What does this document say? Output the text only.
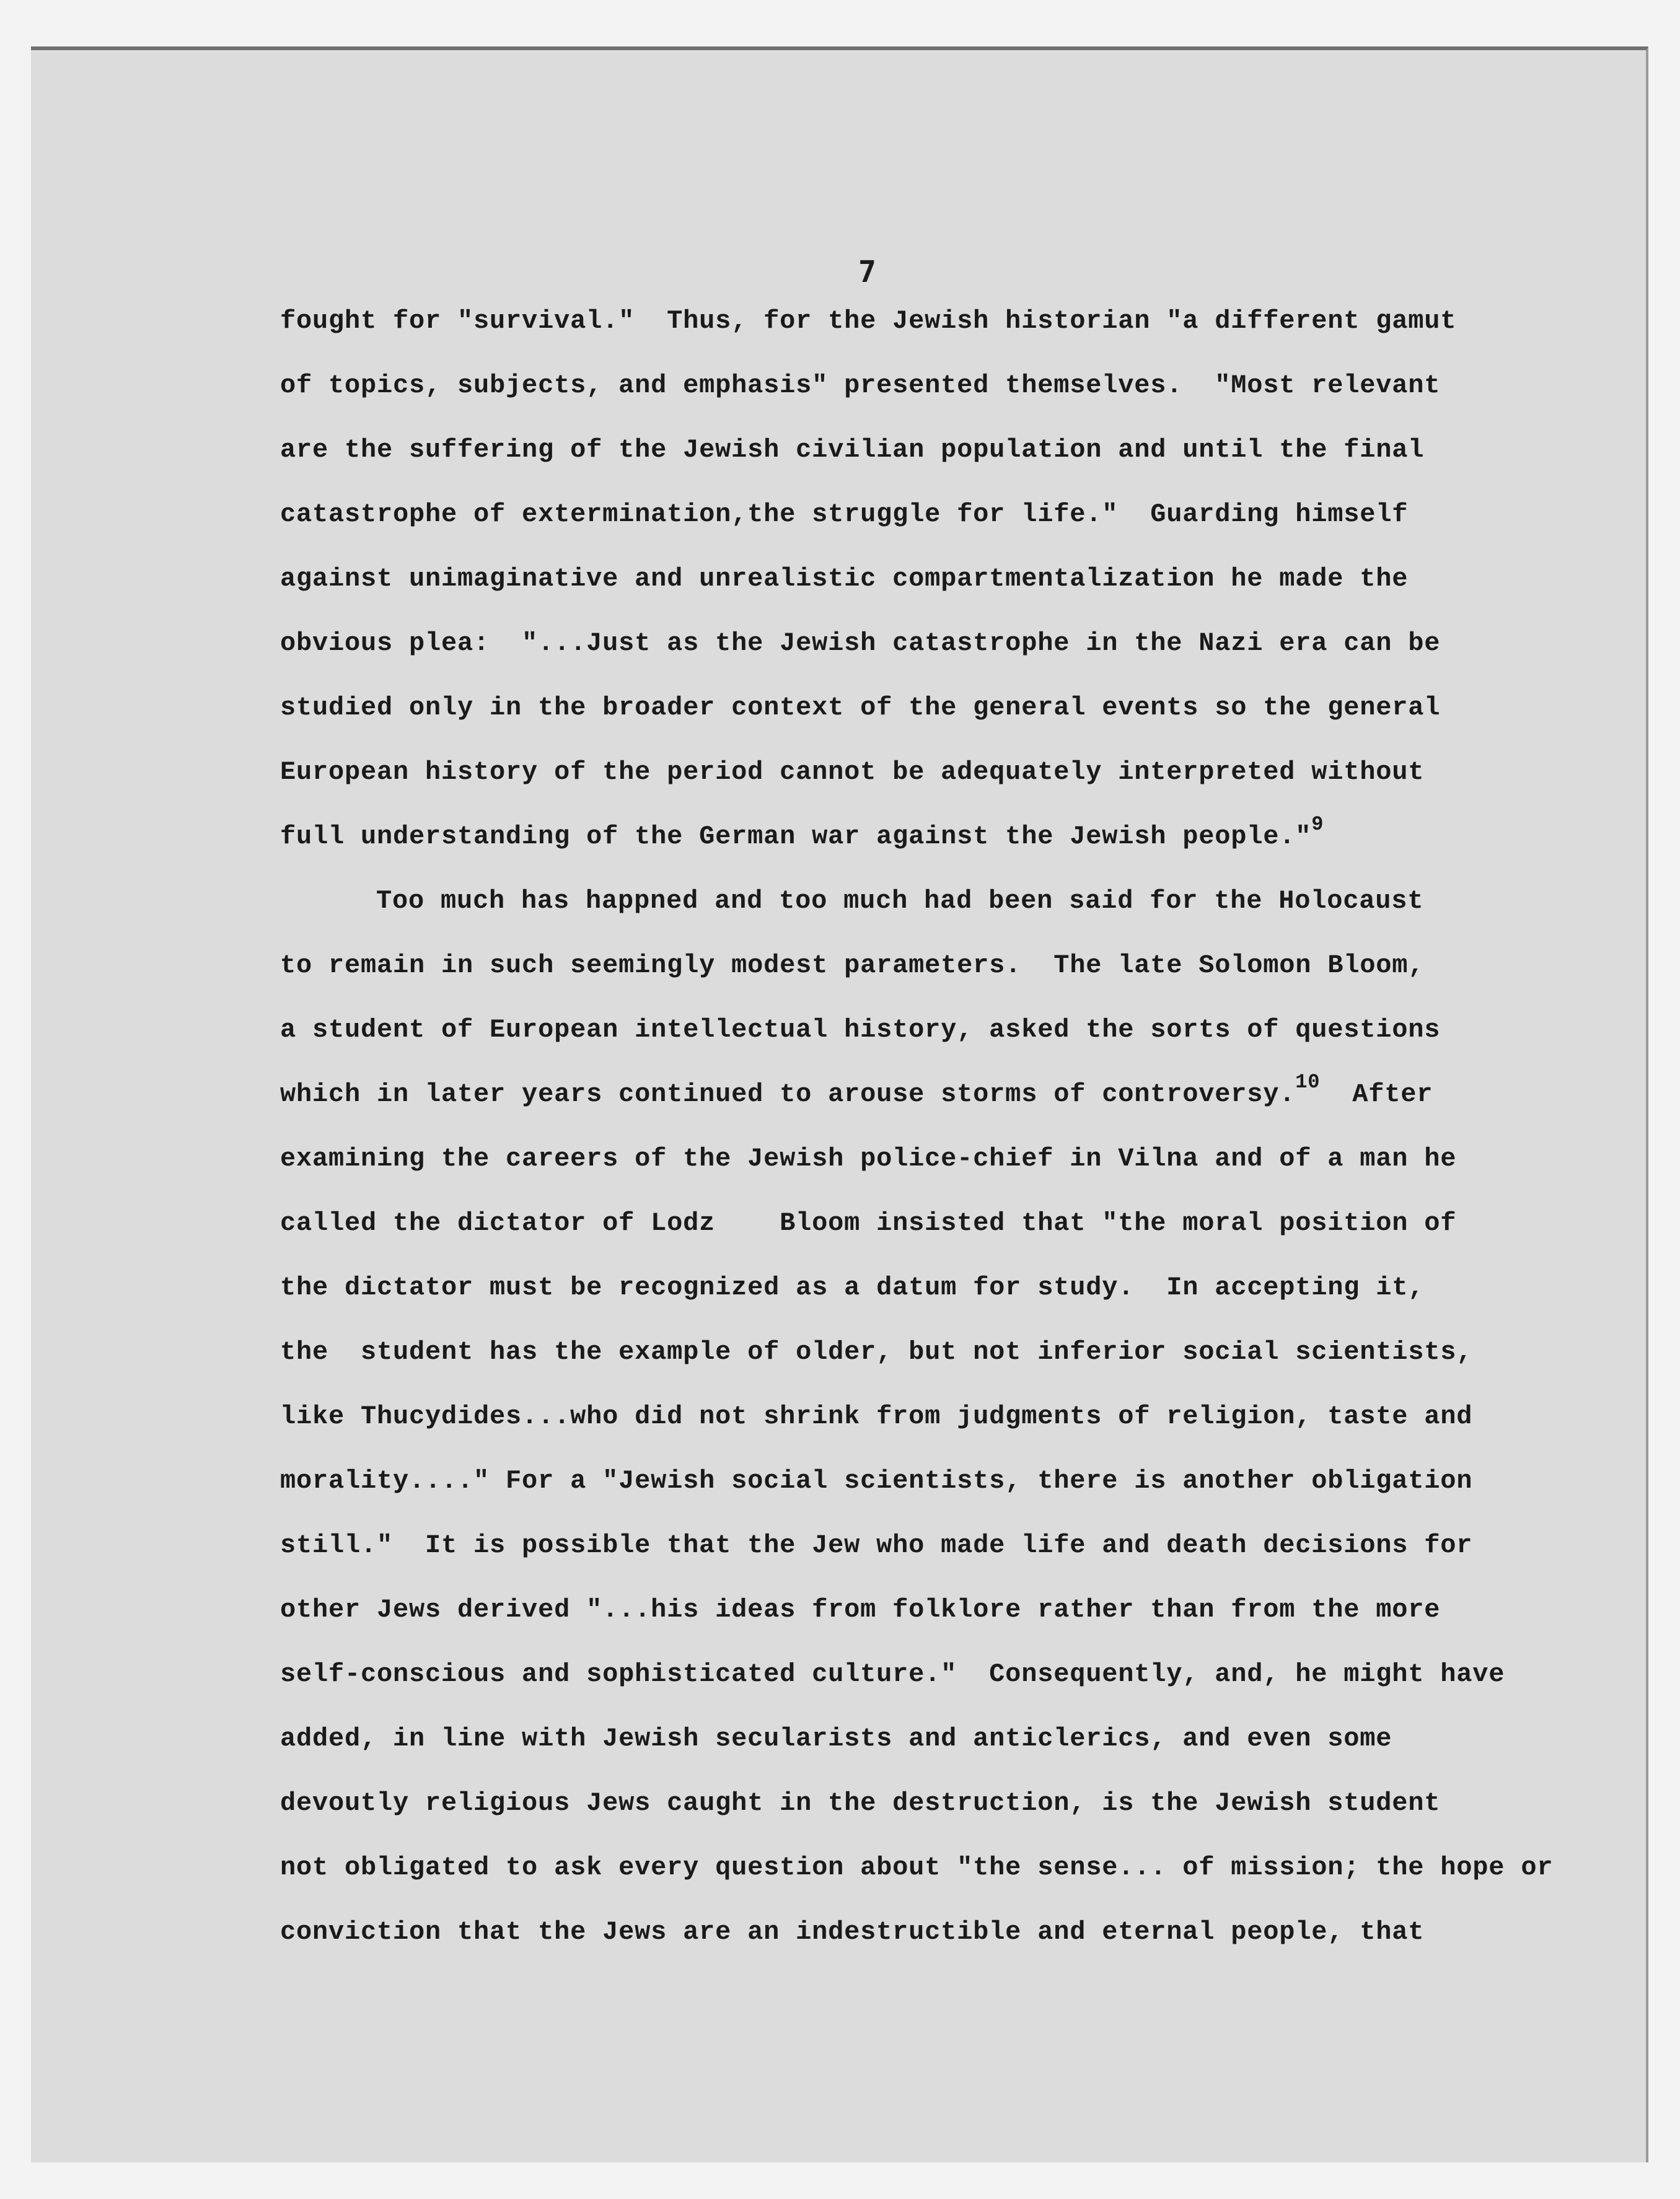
7
fought for "survival."  Thus, for the Jewish historian "a different gamut
of topics, subjects, and emphasis" presented themselves.  "Most relevant
are the suffering of the Jewish civilian population and until the final
catastrophe of extermination,the struggle for life."  Guarding himself
against unimaginative and unrealistic compartmentalization he made the
obvious plea:  "...Just as the Jewish catastrophe in the Nazi era can be
studied only in the broader context of the general events so the general
European history of the period cannot be adequately interpreted without
full understanding of the German war against the Jewish people."$^9$
Too much has happned and too much had been said for the Holocaust
to remain in such seemingly modest parameters.  The late Solomon Bloom,
a student of European intellectual history, asked the sorts of questions
which in later years continued to arouse storms of controversy.$^{10}$  After
examining the careers of the Jewish police-chief in Vilna and of a man he
called the dictator of Lodz    Bloom insisted that "the moral position of
the dictator must be recognized as a datum for study.  In accepting it,
the  student has the example of older, but not inferior social scientists,
like Thucydides...who did not shrink from judgments of religion, taste and
morality...." For a "Jewish social scientists, there is another obligation
still."  It is possible that the Jew who made life and death decisions for
other Jews derived "...his ideas from folklore rather than from the more
self-conscious and sophisticated culture."  Consequently, and, he might have
added, in line with Jewish secularists and anticlerics, and even some
devoutly religious Jews caught in the destruction, is the Jewish student
not obligated to ask every question about "the sense... of mission; the hope or
conviction that the Jews are an indestructible and eternal people, that
